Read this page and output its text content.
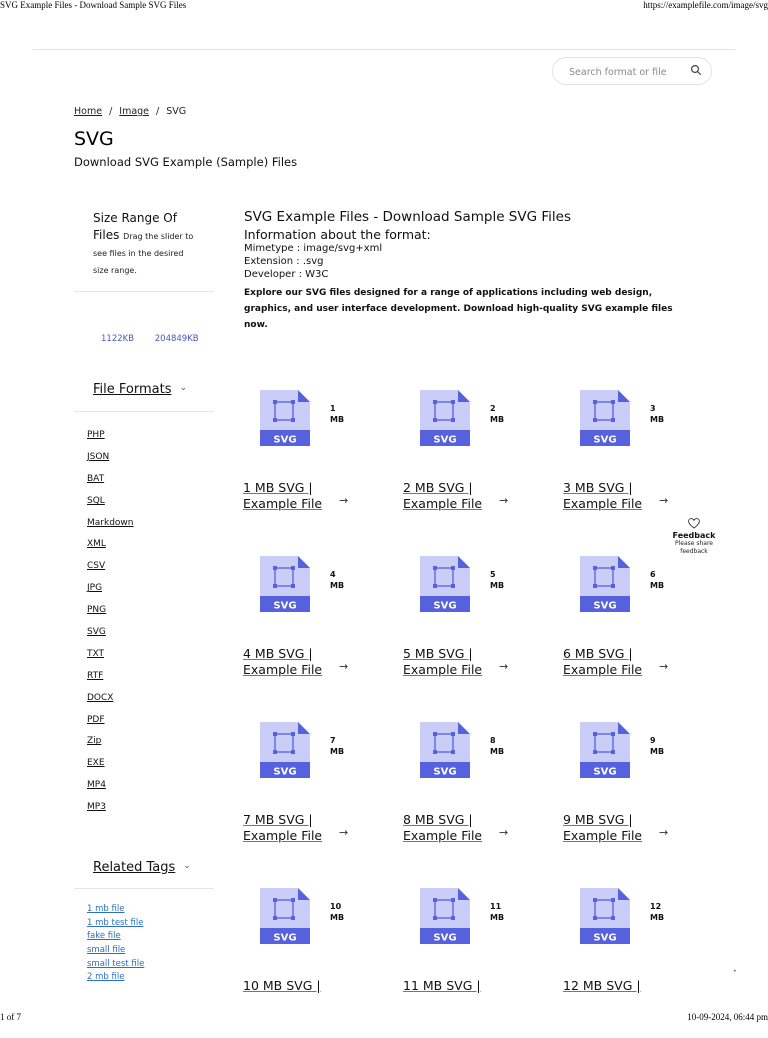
SVG Example Files - Download Sample SVG Files	https://examplefile.com/image/svg
1 of 7	10-09-2024, 06:44 pm
Search format or file
Home / Image / SVG
SVG
Download SVG Example (Sample) Files
Size Range Of
Files Drag the slider to
see files in the desired
size range.
1122KB 204849KB
File Formats ⌄
PHP
JSON
BAT
SQL
Markdown
XML
CSV
JPG
PNG
SVG
TXT
RTF
DOCX
PDF
Zip
EXE
MP4
MP3
Related Tags ⌄
1 mb file
1 mb test file
fake file
small file
small test file
2 mb file
SVG Example Files - Download Sample SVG Files
Information about the format:
Mimetype : image/svg+xml
Extension : .svg
Developer : W3C
Explore our SVG files designed for a range of applications including web design, graphics, and user interface development. Download high-quality SVG example files now.
SVG
1
MB
1 MB SVG | Example File	→
SVG
2
MB
2 MB SVG | Example File	→
SVG
3
MB
3 MB SVG | Example File	→
SVG
4
MB
4 MB SVG | Example File	→
SVG
5
MB
5 MB SVG | Example File	→
SVG
6
MB
6 MB SVG | Example File	→
SVG
7
MB
7 MB SVG | Example File	→
SVG
8
MB
8 MB SVG | Example File	→
SVG
9
MB
9 MB SVG | Example File	→
SVG
10
MB
10 MB SVG |
SVG
11
MB
11 MB SVG |
SVG
12
MB
12 MB SVG |
Feedback
Please share
feedback
•
